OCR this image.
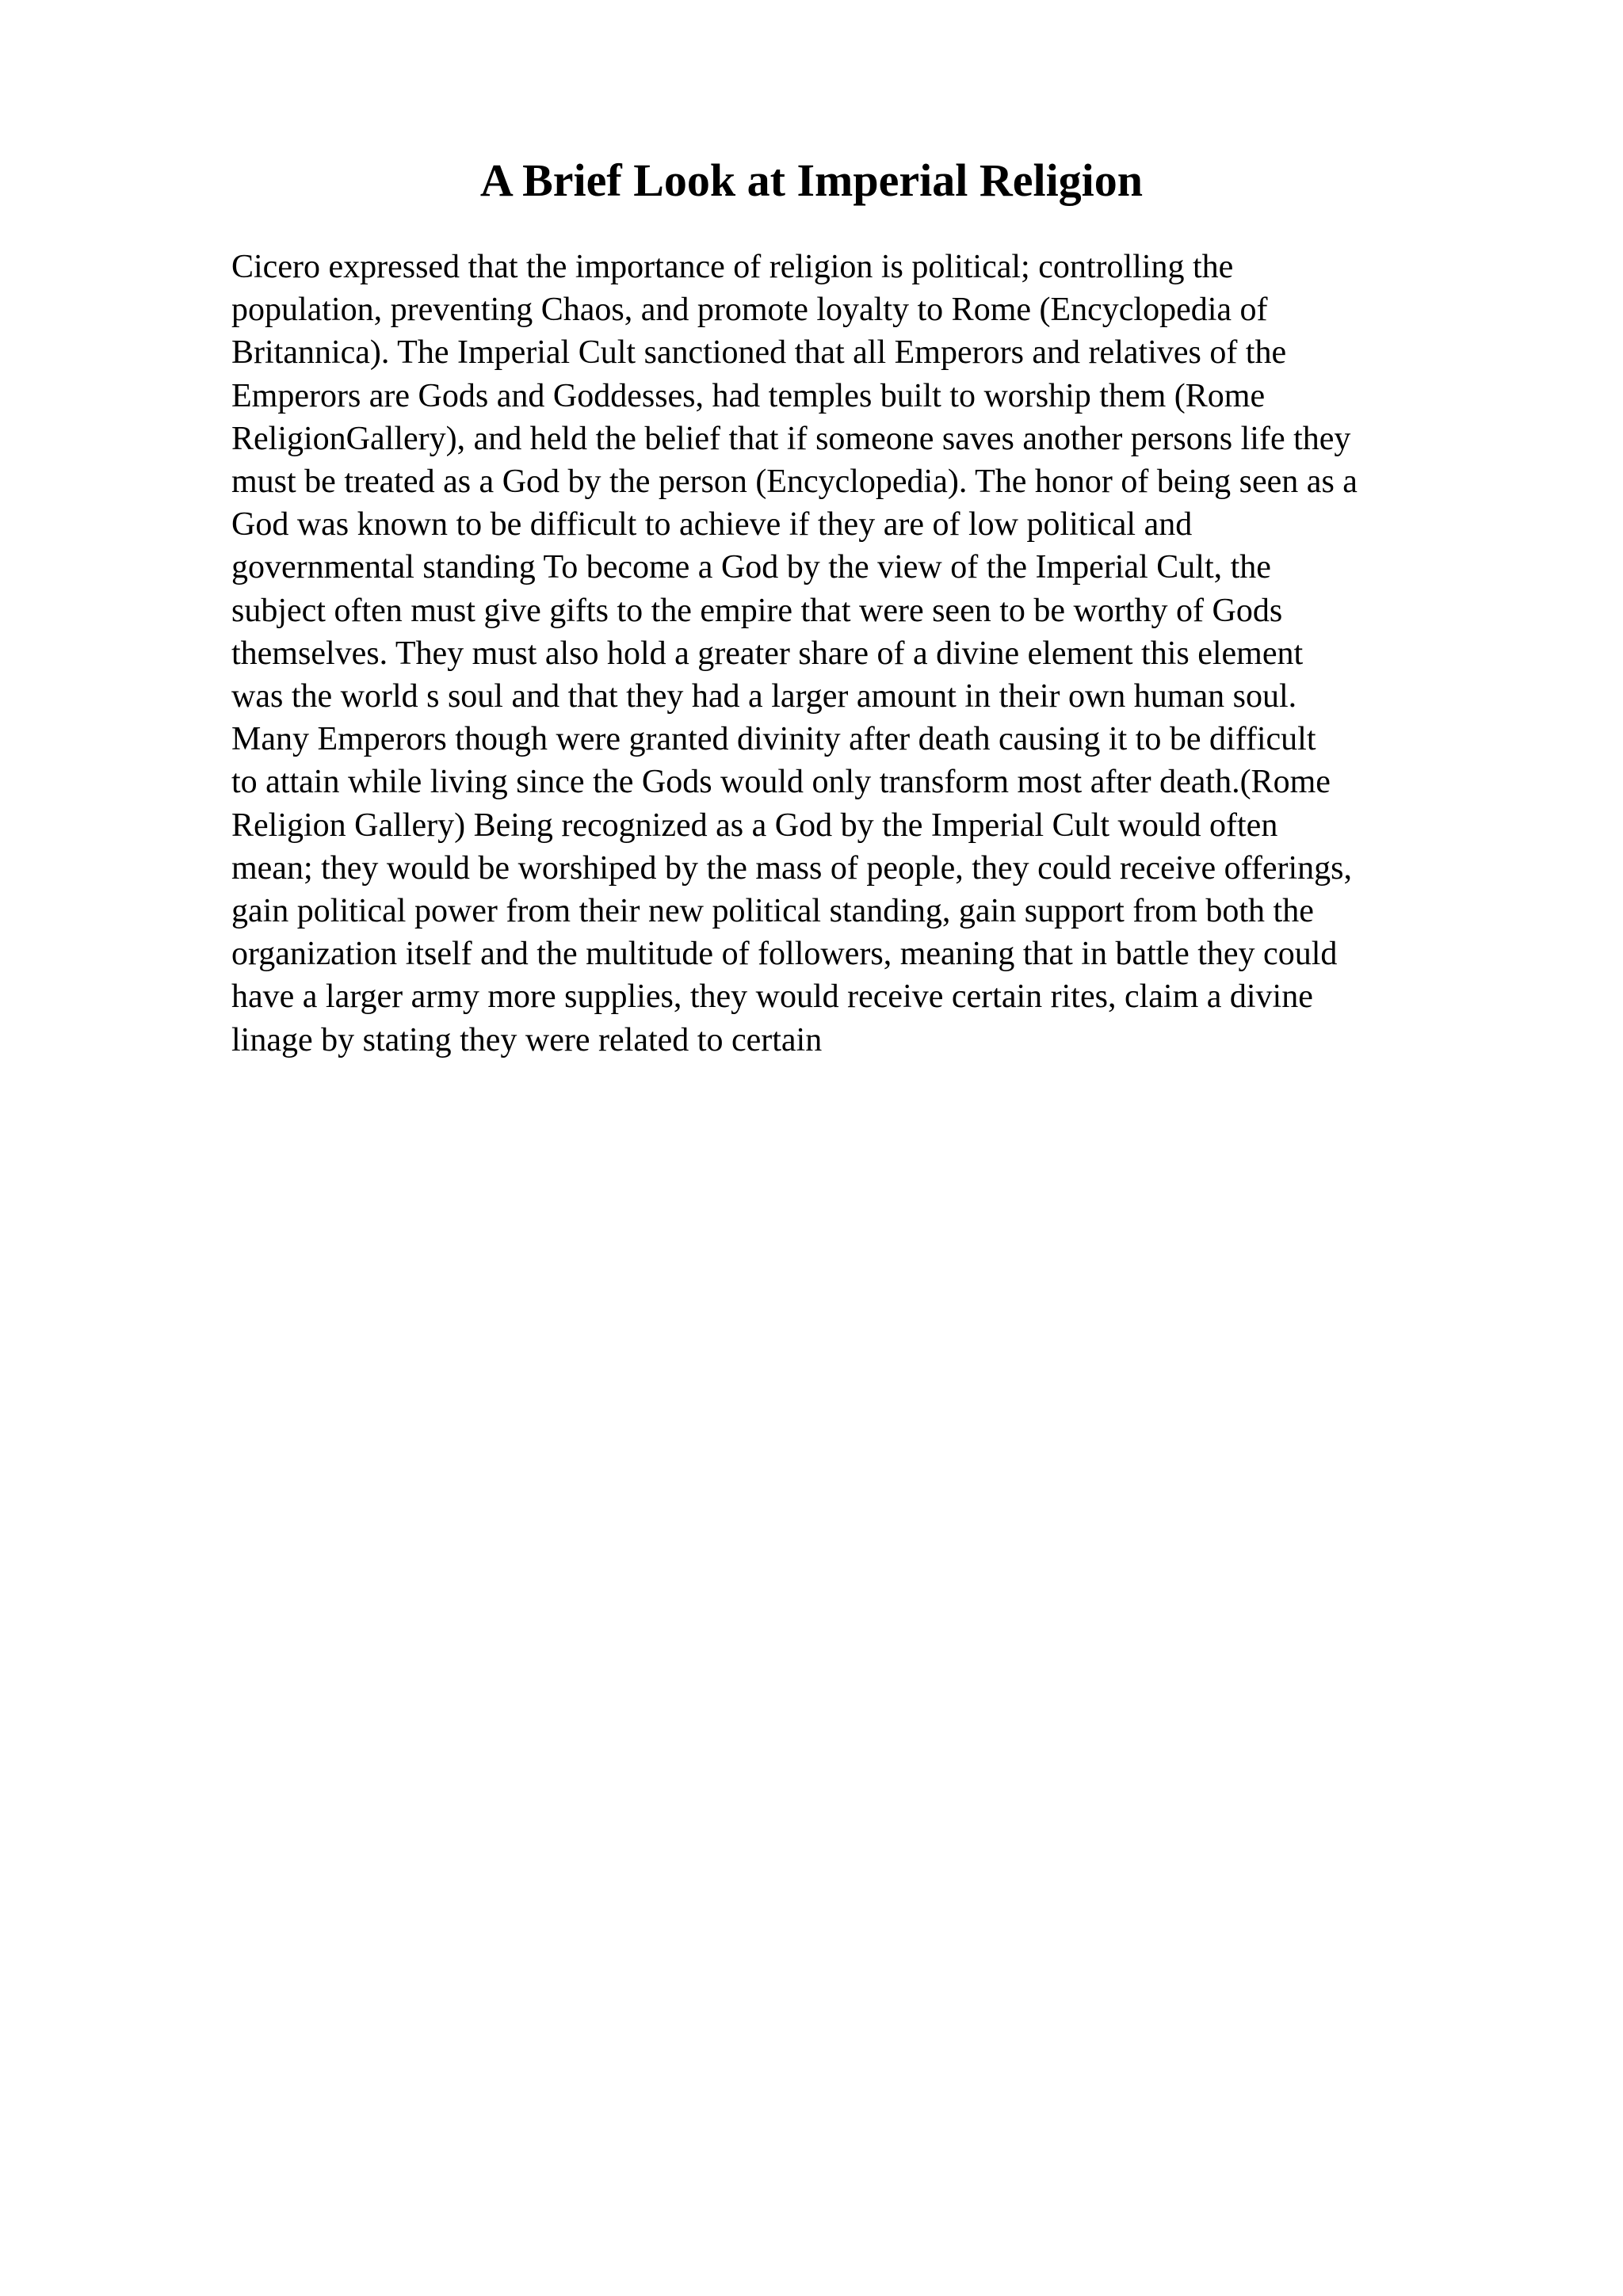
A Brief Look at Imperial Religion
Cicero expressed that the importance of religion is political; controlling the
population, preventing Chaos, and promote loyalty to Rome (Encyclopedia of
Britannica). The Imperial Cult sanctioned that all Emperors and relatives of the
Emperors are Gods and Goddesses, had temples built to worship them (Rome
ReligionGallery), and held the belief that if someone saves another persons life they
must be treated as a God by the person (Encyclopedia). The honor of being seen as a
God was known to be difficult to achieve if they are of low political and
governmental standing To become a God by the view of the Imperial Cult, the
subject often must give gifts to the empire that were seen to be worthy of Gods
themselves. They must also hold a greater share of a divine element this element
was the world s soul and that they had a larger amount in their own human soul.
Many Emperors though were granted divinity after death causing it to be difficult
to attain while living since the Gods would only transform most after death.(Rome
Religion Gallery) Being recognized as a God by the Imperial Cult would often
mean; they would be worshiped by the mass of people, they could receive offerings,
gain political power from their new political standing, gain support from both the
organization itself and the multitude of followers, meaning that in battle they could
have a larger army more supplies, they would receive certain rites, claim a divine
linage by stating they were related to certain
